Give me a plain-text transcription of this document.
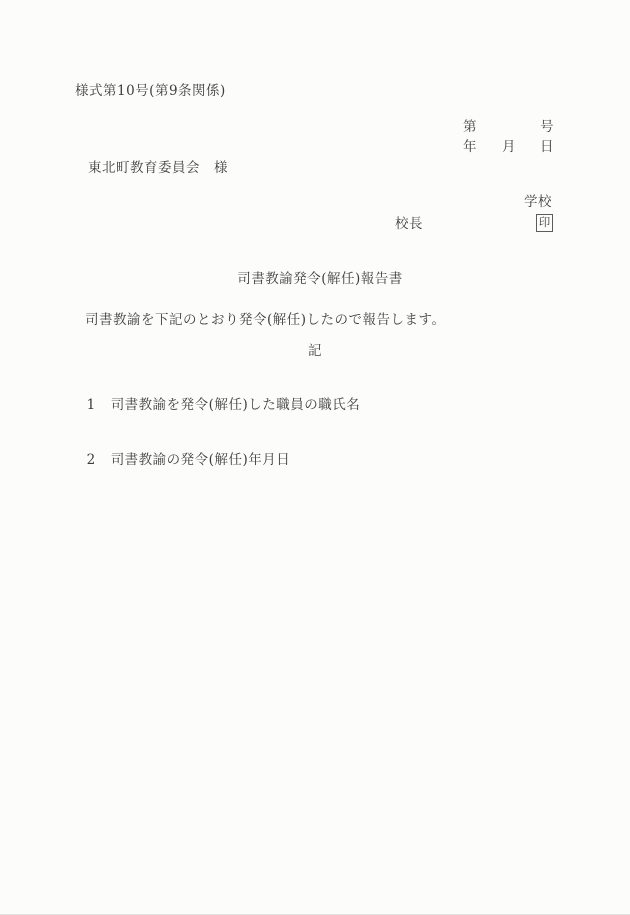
様式第10号(第9条関係)
第	号
年 月 日
東北町教育委員会　様
学校
校長	印
司書教諭発令(解任)報告書
司書教諭を下記のとおり発令(解任)したので報告します。
記

1 司書教諭を発令(解任)した職員の職氏名

2 司書教諭の発令(解任)年月日
